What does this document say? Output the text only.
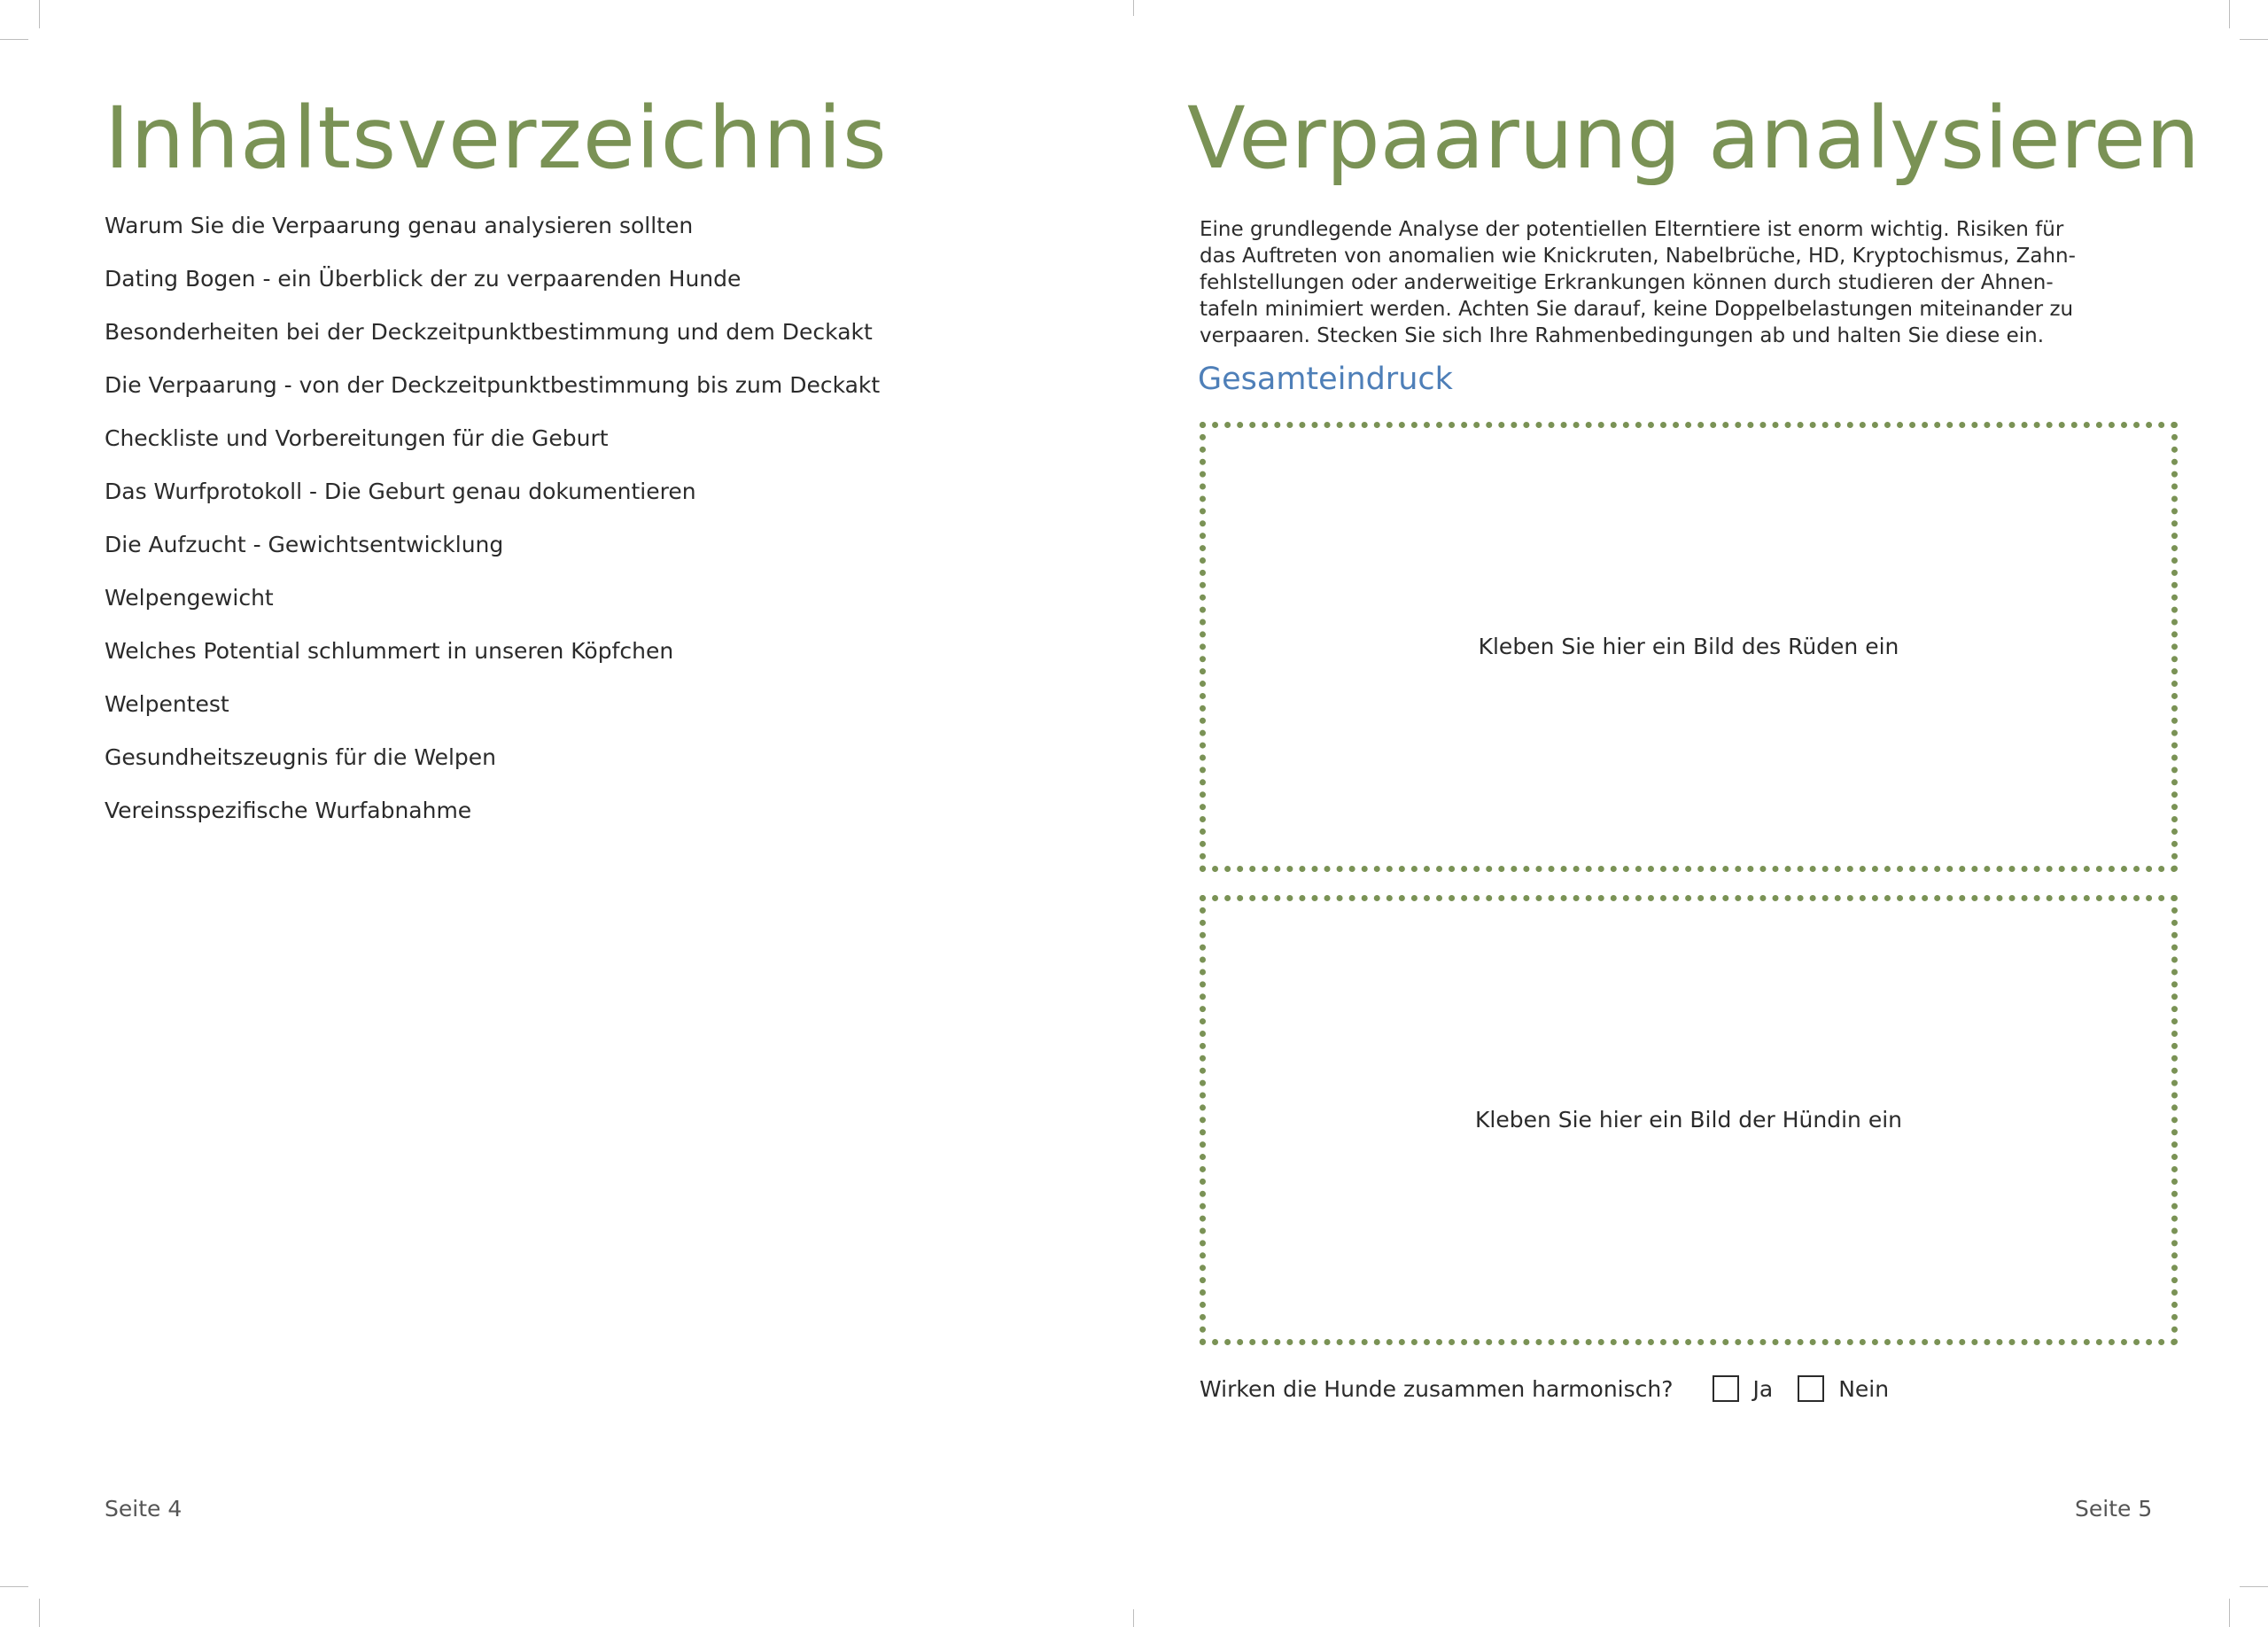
Inhaltsverzeichnis
Warum Sie die Verpaarung genau analysieren sollten
Dating Bogen - ein Überblick der zu verpaarenden Hunde
Besonderheiten bei der Deckzeitpunktbestimmung und dem Deckakt
Die Verpaarung - von der Deckzeitpunktbestimmung bis zum Deckakt
Checkliste und Vorbereitungen für die Geburt
Das Wurfprotokoll - Die Geburt genau dokumentieren
Die Aufzucht - Gewichtsentwicklung
Welpengewicht
Welches Potential schlummert in unseren Köpfchen
Welpentest
Gesundheitszeugnis für die Welpen
Vereinsspezifische Wurfabnahme
Seite 4
Verpaarung analysieren

Eine grundlegende Analyse der potentiellen Elterntiere ist enorm wichtig. Risiken für
das Auftreten von anomalien wie Knickruten, Nabelbrüche, HD, Kryptochismus, Zahn-
fehlstellungen oder anderweitige Erkrankungen können durch studieren der Ahnen-
tafeln minimiert werden. Achten Sie darauf, keine Doppelbelastungen miteinander zu
verpaaren. Stecken Sie sich Ihre Rahmenbedingungen ab und halten Sie diese ein.

Gesamteindruck
Kleben Sie hier ein Bild des Rüden ein
Kleben Sie hier ein Bild der Hündin ein
Wirken die Hunde zusammen harmonisch?	Ja	Nein
Seite 5
